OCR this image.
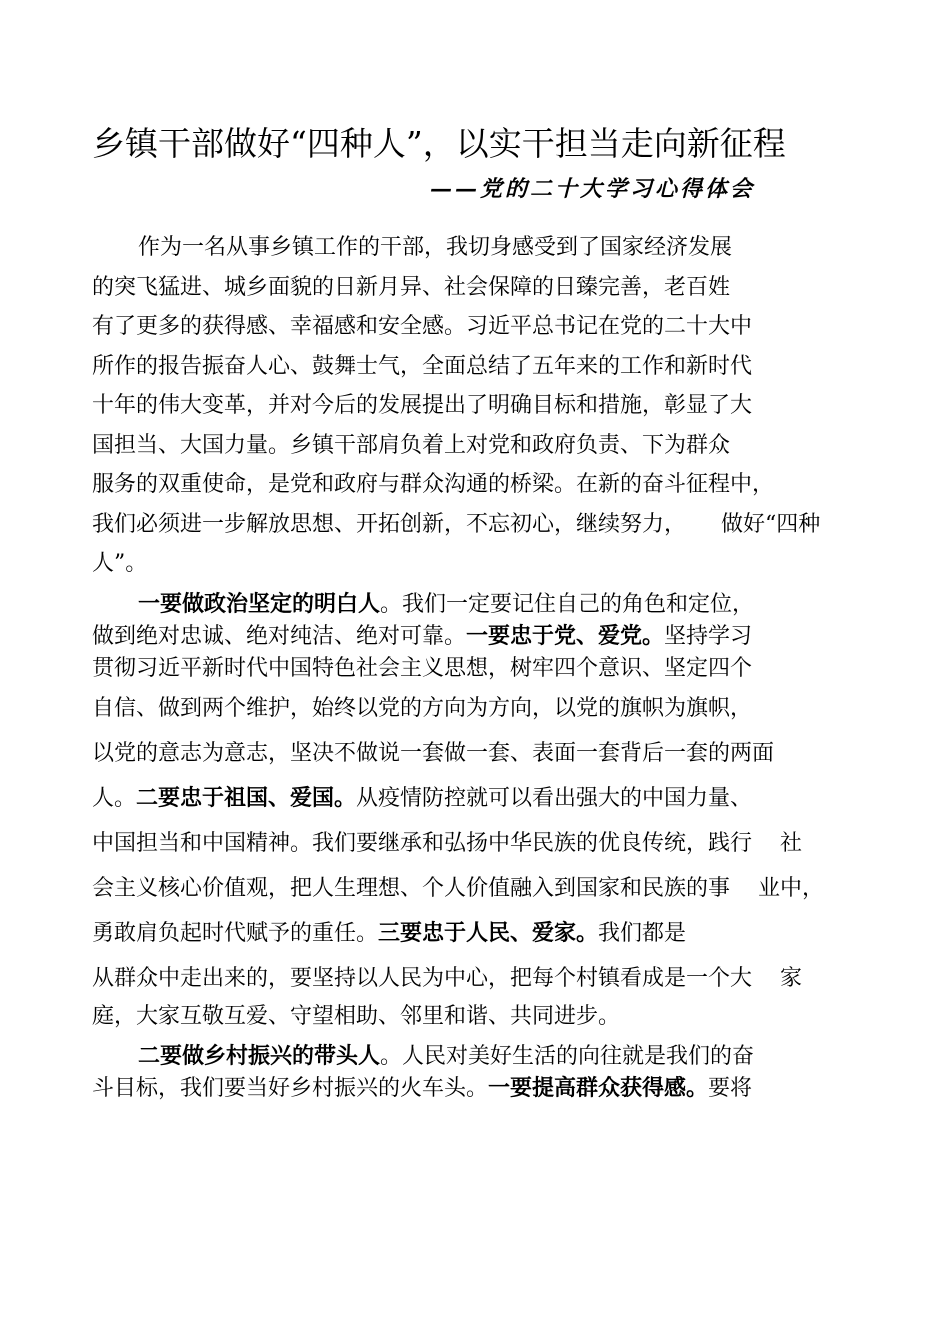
乡镇干部做好“四种人”，以实干担当走向新征程
——党的二十大学习心得体会
作为一名从事乡镇工作的干部，我切身感受到了国家经济发展
的突飞猛进、城乡面貌的日新月异、社会保障的日臻完善，老百姓
有了更多的获得感、幸福感和安全感。习近平总书记在党的二十大中
所作的报告振奋人心、鼓舞士气，全面总结了五年来的工作和新时代
十年的伟大变革，并对今后的发展提出了明确目标和措施，彰显了大
国担当、大国力量。乡镇干部肩负着上对党和政府负责、下为群众
服务的双重使命，是党和政府与群众沟通的桥梁。在新的奋斗征程中，
我们必须进一步解放思想、开拓创新，不忘初心，继续努力，     做好“四种
人”。
一要做政治坚定的明白人。我们一定要记住自己的角色和定位，
做到绝对忠诚、绝对纯洁、绝对可靠。一要忠于党、爱党。坚持学习
贯彻习近平新时代中国特色社会主义思想，树牢四个意识、坚定四个
自信、做到两个维护，始终以党的方向为方向，以党的旗帜为旗帜，
以党的意志为意志，坚决不做说一套做一套、表面一套背后一套的两面
人。二要忠于祖国、爱国。从疫情防控就可以看出强大的中国力量、
中国担当和中国精神。我们要继承和弘扬中华民族的优良传统，践行    社
会主义核心价值观，把人生理想、个人价值融入到国家和民族的事    业中，
勇敢肩负起时代赋予的重任。三要忠于人民、爱家。我们都是
从群众中走出来的，要坚持以人民为中心，把每个村镇看成是一个大    家
庭，大家互敬互爱、守望相助、邻里和谐、共同进步。
二要做乡村振兴的带头人。人民对美好生活的向往就是我们的奋
斗目标，我们要当好乡村振兴的火车头。一要提高群众获得感。要将
